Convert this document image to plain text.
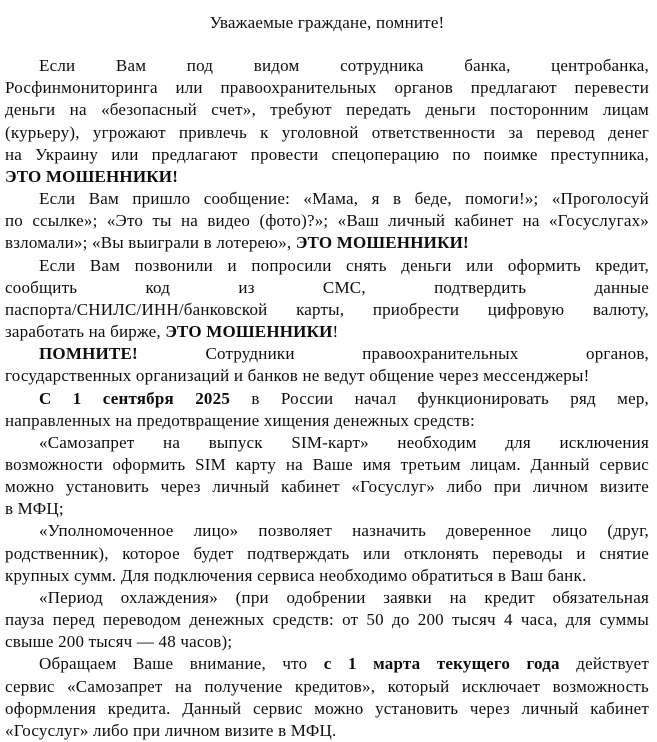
Уважаемые граждане, помните!
Если Вам под видом сотрудника банка, центробанка,
Росфинмониторинга или правоохранительных органов предлагают перевести
деньги на «безопасный счет», требуют передать деньги посторонним лицам
(курьеру), угрожают привлечь к уголовной ответственности за перевод денег
на Украину или предлагают провести спецоперацию по поимке преступника,
ЭТО МОШЕННИКИ!
Если Вам пришло сообщение: «Мама, я в беде, помоги!»; «Проголосуй
по ссылке»; «Это ты на видео (фото)?»; «Ваш личный кабинет на «Госуслугах»
взломали»; «Вы выиграли в лотерею», ЭТО МОШЕННИКИ!
Если Вам позвонили и попросили снять деньги или оформить кредит,
сообщить код из СМС, подтвердить данные
паспорта/СНИЛС/ИНН/банковской карты, приобрести цифровую валюту,
заработать на бирже, ЭТО МОШЕННИКИ!
ПОМНИТЕ! Сотрудники правоохранительных органов,
государственных организаций и банков не ведут общение через мессенджеры!
С 1 сентября 2025 в России начал функционировать ряд мер,
направленных на предотвращение хищения денежных средств:
«Самозапрет на выпуск SIM-карт» необходим для исключения
возможности оформить SIM карту на Ваше имя третьим лицам. Данный сервис
можно установить через личный кабинет «Госуслуг» либо при личном визите
в МФЦ;
«Уполномоченное лицо» позволяет назначить доверенное лицо (друг,
родственник), которое будет подтверждать или отклонять переводы и снятие
крупных сумм. Для подключения сервиса необходимо обратиться в Ваш банк.
«Период охлаждения» (при одобрении заявки на кредит обязательная
пауза перед переводом денежных средств: от 50 до 200 тысяч 4 часа, для суммы
свыше 200 тысяч — 48 часов);
Обращаем Ваше внимание, что с 1 марта текущего года действует
сервис «Самозапрет на получение кредитов», который исключает возможность
оформления кредита. Данный сервис можно установить через личный кабинет
«Госуслуг» либо при личном визите в МФЦ.
